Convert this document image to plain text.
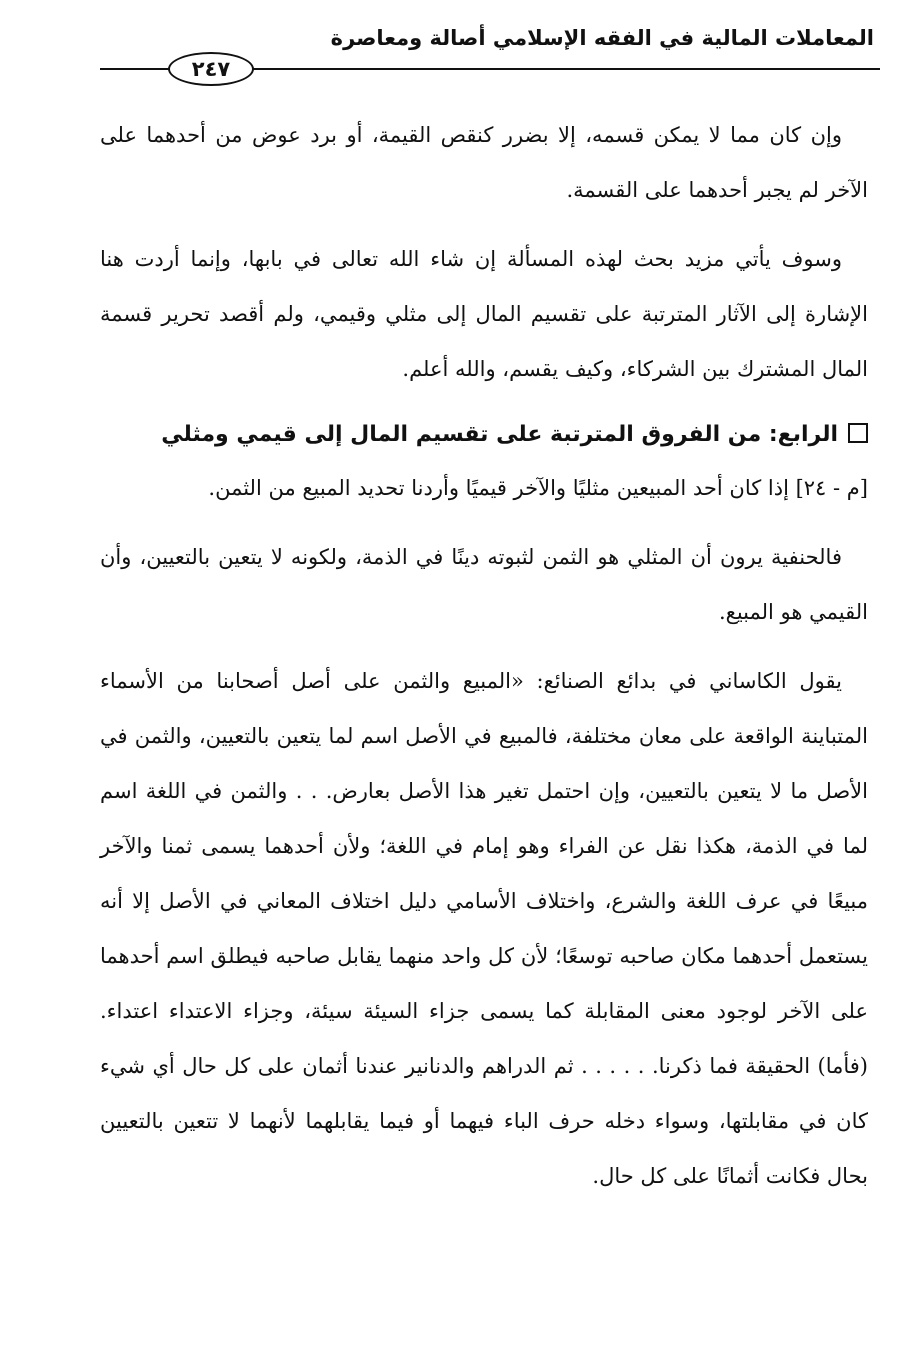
المعاملات المالية في الفقه الإسلامي أصالة ومعاصرة
٢٤٧

وإن كان مما لا يمكن قسمه، إلا بضرر كنقص القيمة، أو برد عوض من أحدهما على الآخر لم يجبر أحدهما على القسمة.

وسوف يأتي مزيد بحث لهذه المسألة إن شاء الله تعالى في بابها، وإنما أردت هنا الإشارة إلى الآثار المترتبة على تقسيم المال إلى مثلي وقيمي، ولم أقصد تحرير قسمة المال المشترك بين الشركاء، وكيف يقسم، والله أعلم.

الرابع: من الفروق المترتبة على تقسيم المال إلى قيمي ومثلي

[م - ٢٤] إذا كان أحد المبيعين مثليًا والآخر قيميًا وأردنا تحديد المبيع من الثمن.

فالحنفية يرون أن المثلي هو الثمن لثبوته دينًا في الذمة، ولكونه لا يتعين بالتعيين، وأن القيمي هو المبيع.

يقول الكاساني في بدائع الصنائع: «المبيع والثمن على أصل أصحابنا من الأسماء المتباينة الواقعة على معان مختلفة، فالمبيع في الأصل اسم لما يتعين بالتعيين، والثمن في الأصل ما لا يتعين بالتعيين، وإن احتمل تغير هذا الأصل بعارض. . . والثمن في اللغة اسم لما في الذمة، هكذا نقل عن الفراء وهو إمام في اللغة؛ ولأن أحدهما يسمى ثمنا والآخر مبيعًا في عرف اللغة والشرع، واختلاف الأسامي دليل اختلاف المعاني في الأصل إلا أنه يستعمل أحدهما مكان صاحبه توسعًا؛ لأن كل واحد منهما يقابل صاحبه فيطلق اسم أحدهما على الآخر لوجود معنى المقابلة كما يسمى جزاء السيئة سيئة، وجزاء الاعتداء اعتداء. (فأما) الحقيقة فما ذكرنا. . . . . . ثم الدراهم والدنانير عندنا أثمان على كل حال أي شيء كان في مقابلتها، وسواء دخله حرف الباء فيهما أو فيما يقابلهما لأنهما لا تتعين بالتعيين بحال فكانت أثمانًا على كل حال.
